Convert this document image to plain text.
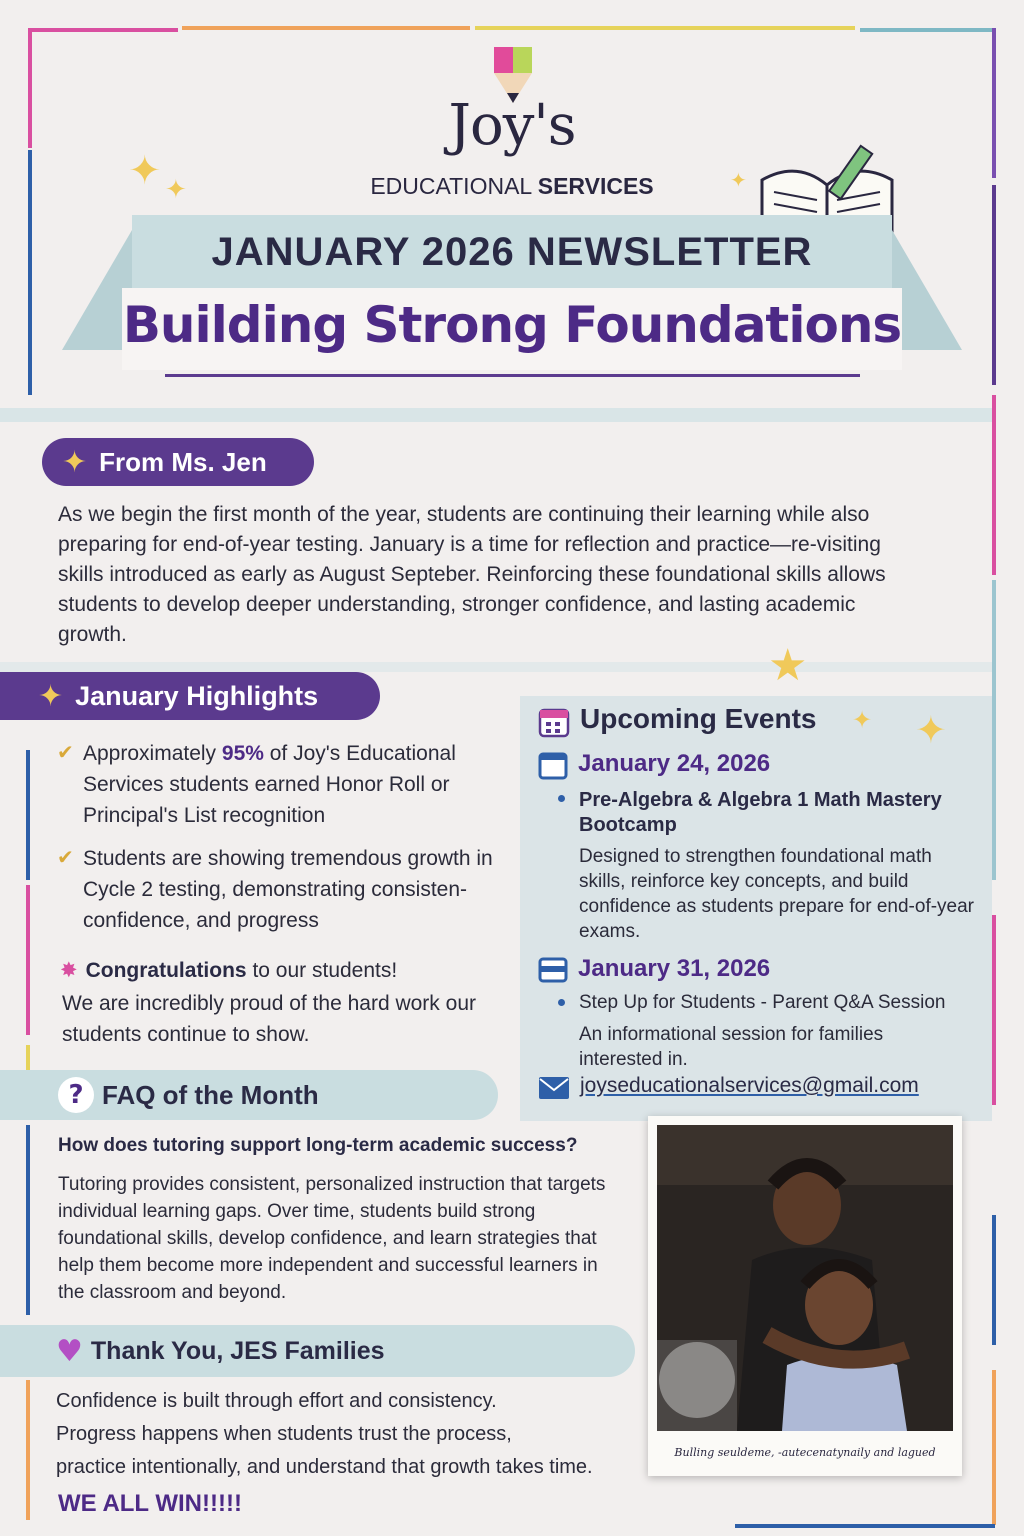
Joy's
EDUCATIONAL SERVICES
✦ ✦	✦
JANUARY 2026 NEWSLETTER
Building Strong Foundations
✦ From Ms. Jen
As we begin the first month of the year, students are continuing their learning while also preparing for end-of-year testing. January is a time for reflection and practice—re-visiting skills introduced as early as August Septeber. Reinforcing these foundational skills allows students to develop deeper understanding, stronger confidence, and lasting academic growth.
★
✦ January Highlights
✔ Approximately 95% of Joy's Educational Services students earned Honor Roll or Principal's List recognition
✔ Students are showing tremendous growth in Cycle 2 testing, demonstrating consisten- confidence, and progress
✸ Congratulations to our students!
We are incredibly proud of the hard work our students continue to show.
Upcoming Events ✦ ✦
January 24, 2026
Pre-Algebra & Algebra 1 Math Mastery Bootcamp
Designed to strengthen foundational math skills, reinforce key concepts, and build confidence as students prepare for end-of-year exams.
January 31, 2026
Step Up for Students - Parent Q&A Session
An informational session for families interested in.
joyseducationalservices@gmail.com
? FAQ of the Month
How does tutoring support long-term academic success?
Tutoring provides consistent, personalized instruction that targets individual learning gaps. Over time, students build strong foundational skills, develop confidence, and learn strategies that help them become more independent and successful learners in the classroom and beyond.
♥ Thank You, JES Families
Confidence is built through effort and consistency.
Progress happens when students trust the process,
practice intentionally, and understand that growth takes time.
WE ALL WIN!!!!!
Bulling seuldeme, -autecenatynaily and lagued
